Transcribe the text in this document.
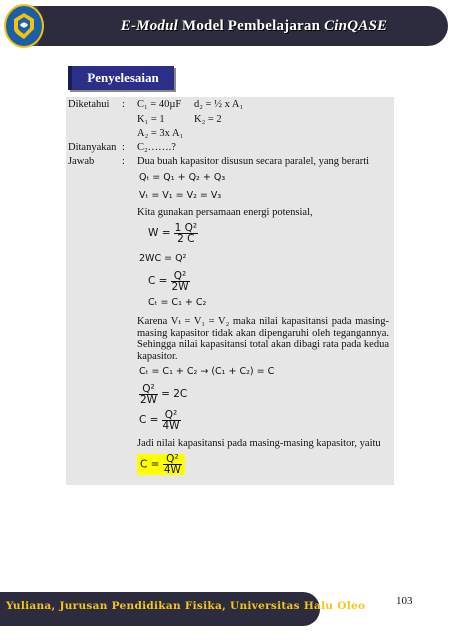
E-Modul Model Pembelajaran CinQASE
Penyelesaian
Diketahui : C₁ = 40µF d₂ = ½ x A₁
K₁ = 1	K₂ = 2
A₂ = 3x A₁
Ditanyakan : C₂…….?
Jawab	: Dua buah kapasitor disusun secara paralel, yang berarti
Qₜ = Q₁ + Q₂ + Q₃
Vₜ = V₁ = V₂ = V₃
Kita gunakan persamaan energi potensial,
$W = \frac{\text{1 Q²}}{2 C}$
2WC = Q²
$C = \frac{\text{Q²}}{2W}$
Cₜ = C₁ + C₂
Karena Vₜ = V₁ = V₂ maka nilai kapasitansi pada masing-masing kapasitor tidak akan dipengaruhi oleh tegangannya. Sehingga nilai kapasitansi total akan dibagi rata pada kedua kapasitor.
Cₜ = C₁ + C₂ → (C₁ + C₂) = C
$\frac{\text{Q²}}{2W} = 2C$
$C = \frac{\text{Q²}}{4W}$
Jadi nilai kapasitansi pada masing-masing kapasitor, yaitu
$C = \frac{\text{Q²}}{4W}$
Yuliana, Jurusan Pendidikan Fisika, Universitas Halu Oleo	103
